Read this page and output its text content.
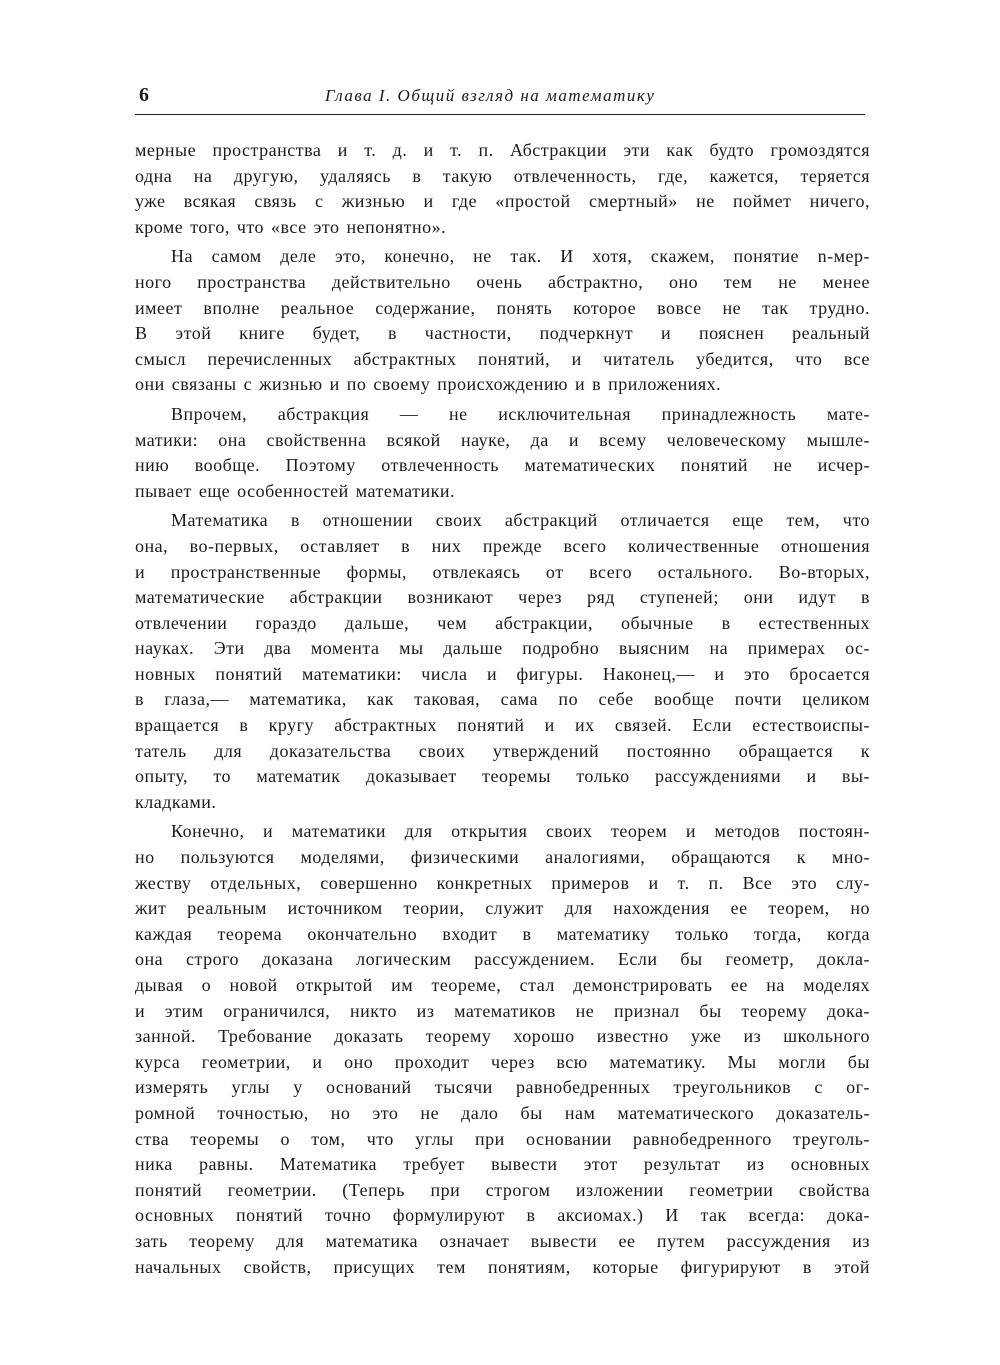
6	Глава I. Общий взгляд на математику
мерные пространства и т. д. и т. п. Абстракции эти как будто громоздятся
одна на другую, удаляясь в такую отвлеченность, где, кажется, теряется
уже всякая связь с жизнью и где «простой смертный» не поймет ничего,
кроме того, что «все это непонятно».
На самом деле это, конечно, не так. И хотя, скажем, понятие n-мер-
ного пространства действительно очень абстрактно, оно тем не менее
имеет вполне реальное содержание, понять которое вовсе не так трудно.
В этой книге будет, в частности, подчеркнут и пояснен реальный
смысл перечисленных абстрактных понятий, и читатель убедится, что все
они связаны с жизнью и по своему происхождению и в приложениях.
Впрочем, абстракция — не исключительная принадлежность мате-
матики: она свойственна всякой науке, да и всему человеческому мышле-
нию вообще. Поэтому отвлеченность математических понятий не исчер-
пывает еще особенностей математики.
Математика в отношении своих абстракций отличается еще тем, что
она, во-первых, оставляет в них прежде всего количественные отношения
и пространственные формы, отвлекаясь от всего остального. Во-вторых,
математические абстракции возникают через ряд ступеней; они идут в
отвлечении гораздо дальше, чем абстракции, обычные в естественных
науках. Эти два момента мы дальше подробно выясним на примерах ос-
новных понятий математики: числа и фигуры. Наконец,— и это бросается
в глаза,— математика, как таковая, сама по себе вообще почти целиком
вращается в кругу абстрактных понятий и их связей. Если естествоиспы-
татель для доказательства своих утверждений постоянно обращается к
опыту, то математик доказывает теоремы только рассуждениями и вы-
кладками.
Конечно, и математики для открытия своих теорем и методов постоян-
но пользуются моделями, физическими аналогиями, обращаются к мно-
жеству отдельных, совершенно конкретных примеров и т. п. Все это слу-
жит реальным источником теории, служит для нахождения ее теорем, но
каждая теорема окончательно входит в математику только тогда, когда
она строго доказана логическим рассуждением. Если бы геометр, докла-
дывая о новой открытой им теореме, стал демонстрировать ее на моделях
и этим ограничился, никто из математиков не признал бы теорему дока-
занной. Требование доказать теорему хорошо известно уже из школьного
курса геометрии, и оно проходит через всю математику. Мы могли бы
измерять углы у оснований тысячи равнобедренных треугольников с ог-
ромной точностью, но это не дало бы нам математического доказатель-
ства теоремы о том, что углы при основании равнобедренного треуголь-
ника равны. Математика требует вывести этот результат из основных
понятий геометрии. (Теперь при строгом изложении геометрии свойства
основных понятий точно формулируют в аксиомах.) И так всегда: дока-
зать теорему для математика означает вывести ее путем рассуждения из
начальных свойств, присущих тем понятиям, которые фигурируют в этой
